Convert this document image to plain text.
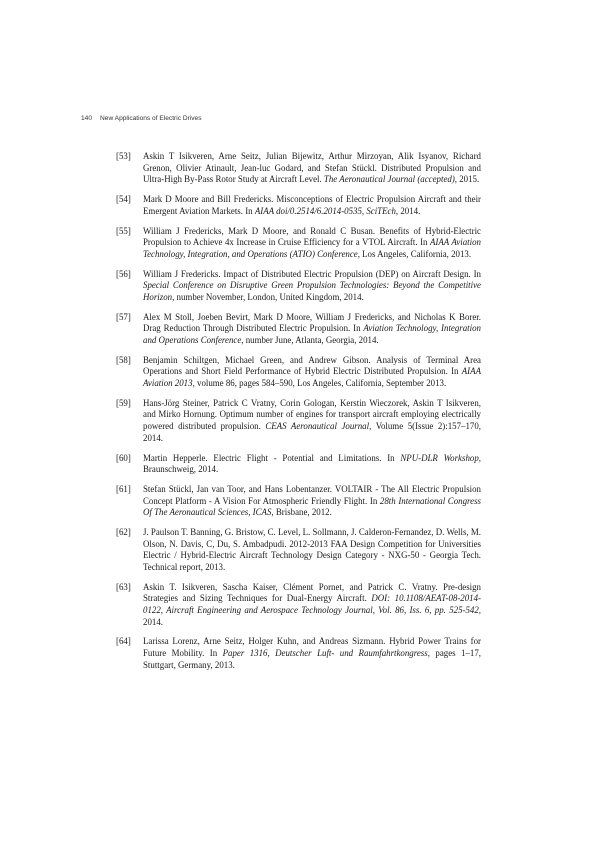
140 New Applications of Electric Drives
[53] Askin T Isikveren, Arne Seitz, Julian Bijewitz, Arthur Mirzoyan, Alik Isyanov, Richard Grenon, Olivier Atinault, Jean-luc Godard, and Stefan Stückl. Distributed Propulsion and Ultra-High By-Pass Rotor Study at Aircraft Level. The Aeronautical Journal (accepted), 2015.
[54] Mark D Moore and Bill Fredericks. Misconceptions of Electric Propulsion Aircraft and their Emergent Aviation Markets. In AIAA doi/0.2514/6.2014-0535, SciTEch, 2014.
[55] William J Fredericks, Mark D Moore, and Ronald C Busan. Benefits of Hybrid-Electric Propulsion to Achieve 4x Increase in Cruise Efficiency for a VTOL Aircraft. In AIAA Aviation Technology, Integration, and Operations (ATIO) Conference, Los Angeles, California, 2013.
[56] William J Fredericks. Impact of Distributed Electric Propulsion (DEP) on Aircraft Design. In Special Conference on Disruptive Green Propulsion Technologies: Beyond the Competitive Horizon, number November, London, United Kingdom, 2014.
[57] Alex M Stoll, Joeben Bevirt, Mark D Moore, William J Fredericks, and Nicholas K Borer. Drag Reduction Through Distributed Electric Propulsion. In Aviation Technology, Integration and Operations Conference, number June, Atlanta, Georgia, 2014.
[58] Benjamin Schiltgen, Michael Green, and Andrew Gibson. Analysis of Terminal Area Operations and Short Field Performance of Hybrid Electric Distributed Propulsion. In AIAA Aviation 2013, volume 86, pages 584–590, Los Angeles, California, September 2013.
[59] Hans-Jörg Steiner, Patrick C Vratny, Corin Gologan, Kerstin Wieczorek, Askin T Isikveren, and Mirko Hornung. Optimum number of engines for transport aircraft employing electrically powered distributed propulsion. CEAS Aeronautical Journal, Volume 5(Issue 2):157–170, 2014.
[60] Martin Hepperle. Electric Flight - Potential and Limitations. In NPU-DLR Workshop, Braunschweig, 2014.
[61] Stefan Stückl, Jan van Toor, and Hans Lobentanzer. VOLTAIR - The All Electric Propulsion Concept Platform - A Vision For Atmospheric Friendly Flight. In 28th International Congress Of The Aeronautical Sciences, ICAS, Brisbane, 2012.
[62] J. Paulson T. Banning, G. Bristow, C. Level, L. Sollmann, J. Calderon-Fernandez, D. Wells, M. Olson, N. Davis, C, Du, S. Ambadpudi. 2012-2013 FAA Design Competition for Universities Electric / Hybrid-Electric Aircraft Technology Design Category - NXG-50 - Georgia Tech. Technical report, 2013.
[63] Askin T. Isikveren, Sascha Kaiser, Clément Pornet, and Patrick C. Vratny. Pre-design Strategies and Sizing Techniques for Dual-Energy Aircraft. DOI: 10.1108/AEAT-08-2014-0122, Aircraft Engineering and Aerospace Technology Journal, Vol. 86, Iss. 6, pp. 525-542, 2014.
[64] Larissa Lorenz, Arne Seitz, Holger Kuhn, and Andreas Sizmann. Hybrid Power Trains for Future Mobility. In Paper 1316, Deutscher Luft- und Raumfahrtkongress, pages 1–17, Stuttgart, Germany, 2013.
